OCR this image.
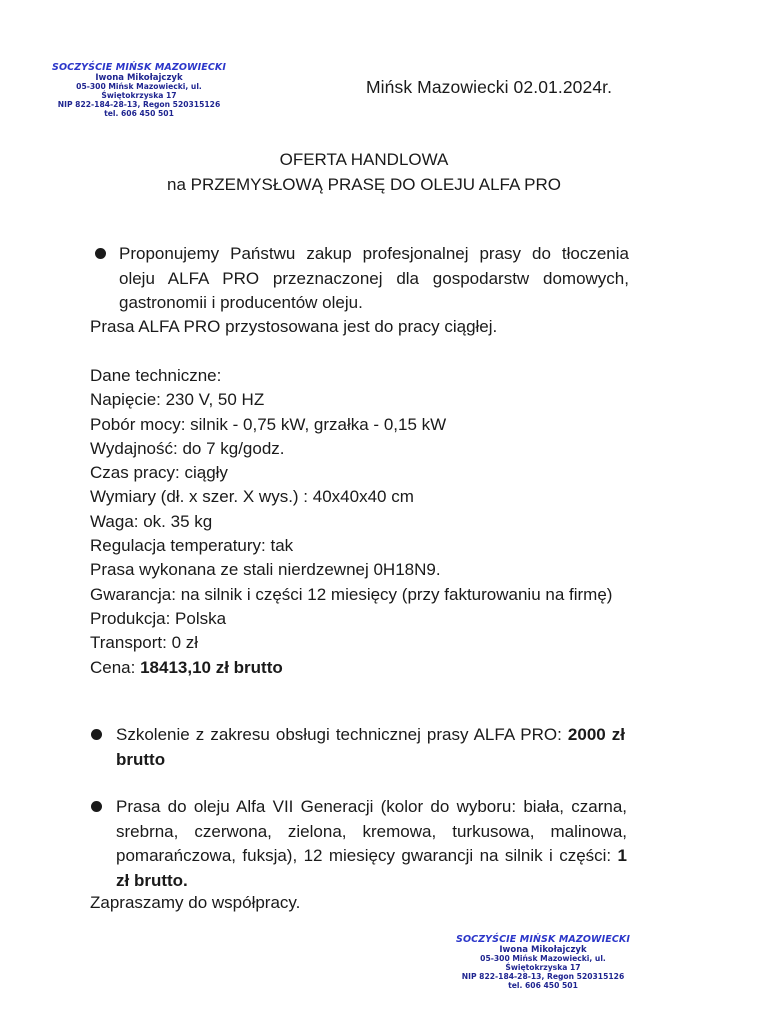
SOCZYŚCIE MIŃSK MAZOWIECKI
Iwona Mikołajczyk
05-300 Mińsk Mazowiecki, ul. Świętokrzyska 17
NIP 822-184-28-13, Regon 520315126
tel. 606 450 501
Mińsk Mazowiecki 02.01.2024r.
OFERTA HANDLOWA
na PRZEMYSŁOWĄ PRASĘ DO OLEJU ALFA PRO
Proponujemy Państwu zakup profesjonalnej prasy do tłoczenia oleju ALFA PRO przeznaczonej dla gospodarstw domowych, gastronomii i producentów oleju.
Prasa ALFA PRO przystosowana jest do pracy ciągłej.
Dane techniczne:
Napięcie: 230 V, 50 HZ
Pobór mocy: silnik - 0,75 kW, grzałka - 0,15 kW
Wydajność: do 7 kg/godz.
Czas pracy: ciągły
Wymiary (dł. x szer. X wys.) : 40x40x40 cm
Waga: ok. 35 kg
Regulacja temperatury: tak
Prasa wykonana ze stali nierdzewnej 0H18N9.
Gwarancja: na silnik i części 12 miesięcy (przy fakturowaniu na firmę)
Produkcja: Polska
Transport: 0 zł
Cena: 18413,10 zł brutto
Szkolenie z zakresu obsługi technicznej prasy ALFA PRO: 2000 zł brutto
Prasa do oleju Alfa VII Generacji (kolor do wyboru: biała, czarna, srebrna, czerwona, zielona, kremowa, turkusowa, malinowa, pomarańczowa, fuksja), 12 miesięcy gwarancji na silnik i części: 1 zł brutto.
Zapraszamy do współpracy.
SOCZYŚCIE MIŃSK MAZOWIECKI
Iwona Mikołajczyk
05-300 Mińsk Mazowiecki, ul. Świętokrzyska 17
NIP 822-184-28-13, Regon 520315126
tel. 606 450 501
